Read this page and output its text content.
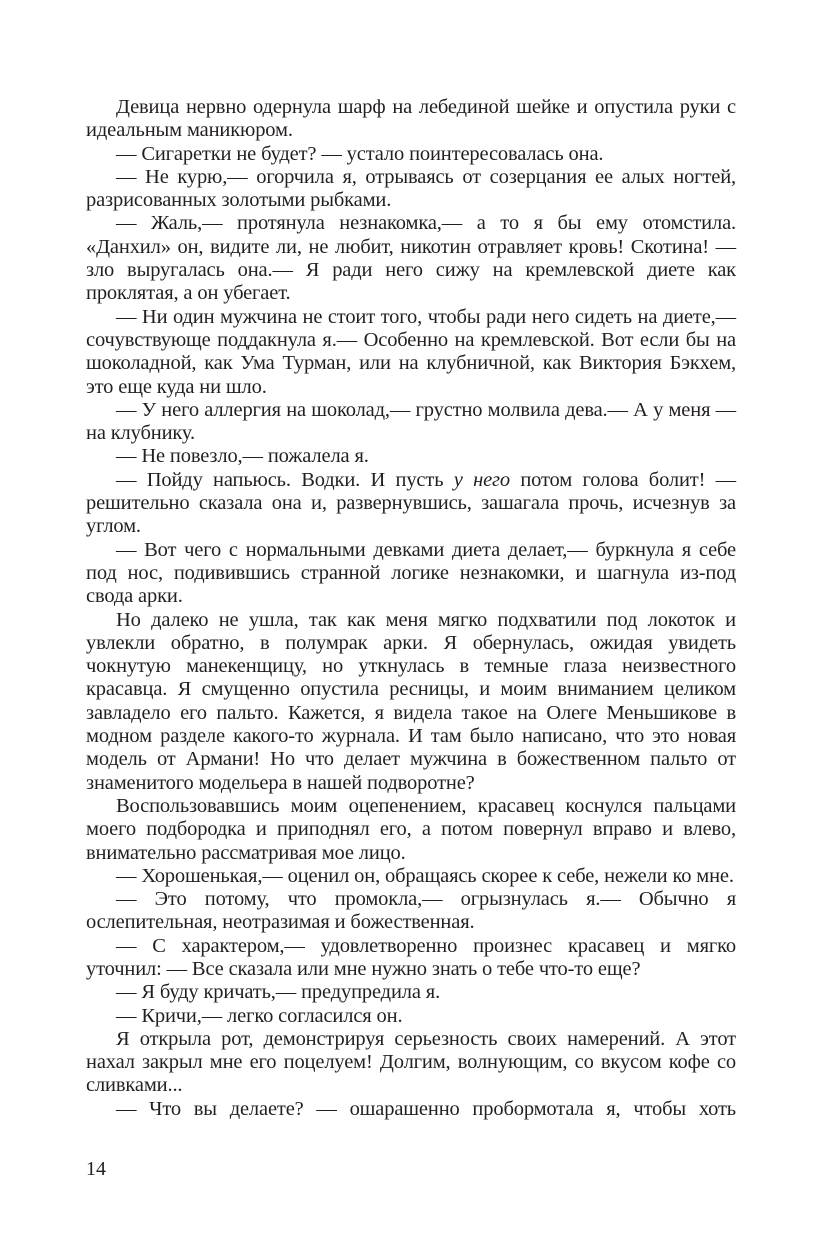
Девица нервно одернула шарф на лебединой шейке и опустила руки с идеальным маникюром.

— Сигаретки не будет? — устало поинтересовалась она.

— Не курю,— огорчила я, отрываясь от созерцания ее алых ногтей, разрисованных золотыми рыбками.

— Жаль,— протянула незнакомка,— а то я бы ему отомстила. «Данхил» он, видите ли, не любит, никотин отравляет кровь! Скотина! — зло выругалась она.— Я ради него сижу на кремлевской диете как проклятая, а он убегает.

— Ни один мужчина не стоит того, чтобы ради него сидеть на диете,— сочувствующе поддакнула я.— Особенно на кремлевской. Вот если бы на шоколадной, как Ума Турман, или на клубничной, как Виктория Бэкхем, это еще куда ни шло.

— У него аллергия на шоколад,— грустно молвила дева.— А у меня — на клубнику.

— Не повезло,— пожалела я.

— Пойду напьюсь. Водки. И пусть у него потом голова болит! — решительно сказала она и, развернувшись, зашагала прочь, исчезнув за углом.

— Вот чего с нормальными девками диета делает,— буркнула я себе под нос, подивившись странной логике незнакомки, и шагнула из-под свода арки.

Но далеко не ушла, так как меня мягко подхватили под локоток и увлекли обратно, в полумрак арки. Я обернулась, ожидая увидеть чокнутую манекенщицу, но уткнулась в темные глаза неизвестного красавца. Я смущенно опустила ресницы, и моим вниманием целиком завладело его пальто. Кажется, я видела такое на Олеге Меньшикове в модном разделе какого-то журнала. И там было написано, что это новая модель от Армани! Но что делает мужчина в божественном пальто от знаменитого модельера в нашей подворотне?

Воспользовавшись моим оцепенением, красавец коснулся пальцами моего подбородка и приподнял его, а потом повернул вправо и влево, внимательно рассматривая мое лицо.

— Хорошенькая,— оценил он, обращаясь скорее к себе, нежели ко мне.

— Это потому, что промокла,— огрызнулась я.— Обычно я ослепительная, неотразимая и божественная.

— С характером,— удовлетворенно произнес красавец и мягко уточнил: — Все сказала или мне нужно знать о тебе что-то еще?

— Я буду кричать,— предупредила я.

— Кричи,— легко согласился он.

Я открыла рот, демонстрируя серьезность своих намерений. А этот нахал закрыл мне его поцелуем! Долгим, волнующим, со вкусом кофе со сливками...

— Что вы делаете? — ошарашенно пробормотала я, чтобы хоть

14
